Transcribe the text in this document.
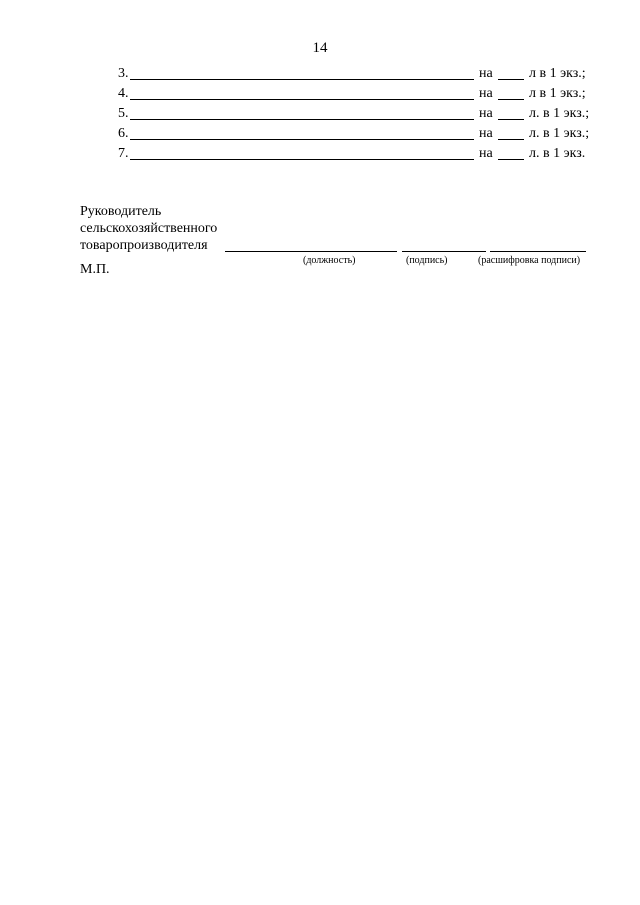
14
3.	на	л в 1 экз.;
4.	на	л в 1 экз.;
5.	на	л. в 1 экз.;
6.	на	л. в 1 экз.;
7.	на	л. в 1 экз.
Руководитель
сельскохозяйственного
товаропроизводителя
(должность)	(подпись)	(расшифровка подписи)
М.П.
